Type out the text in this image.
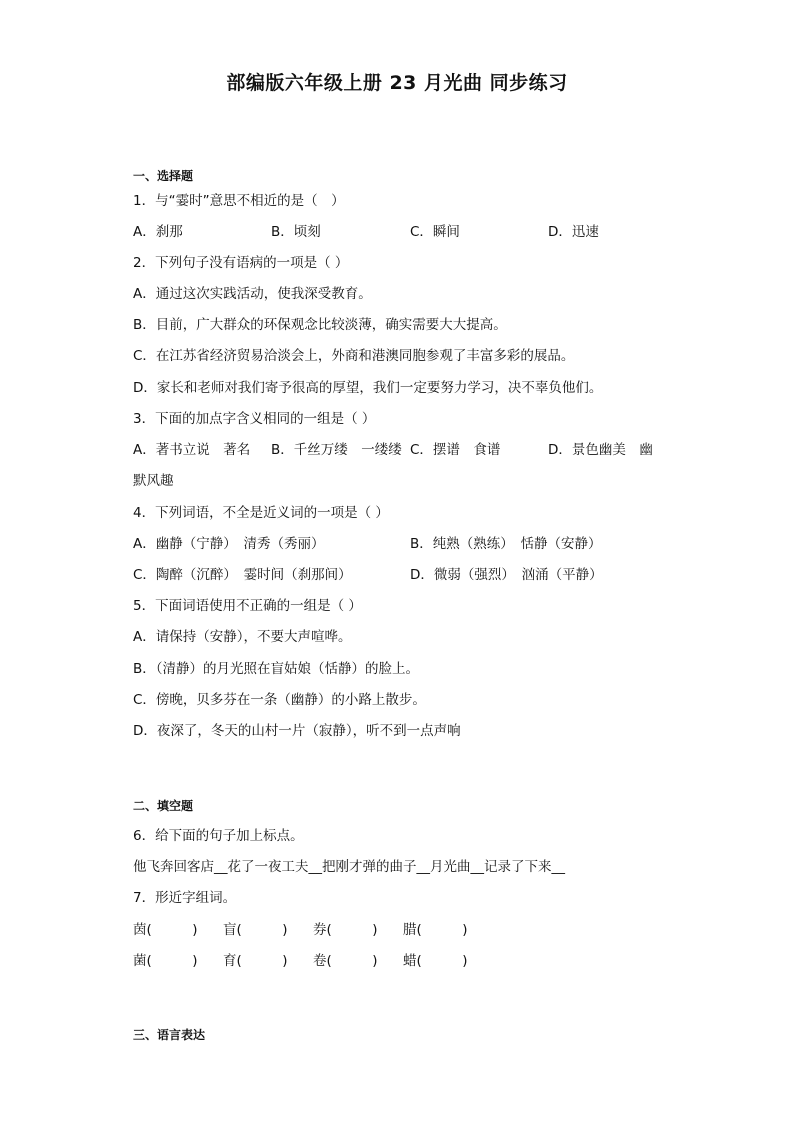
部编版六年级上册 23 月光曲 同步练习
一、选择题
1．与“霎时”意思不相近的是（　）
A．刹那	B．顷刻	C．瞬间	D．迅速
2．下列句子没有语病的一项是（ ）
A．通过这次实践活动，使我深受教育。
B．目前，广大群众的环保观念比较淡薄，确实需要大大提高。
C．在江苏省经济贸易洽淡会上，外商和港澳同胞参观了丰富多彩的展品。
D．家长和老师对我们寄予很高的厚望，我们一定要努力学习，决不辜负他们。
3．下面的加点字含义相同的一组是（ ）
A．著书立说　著名 B．千丝万缕　一缕缕 C．摆谱　食谱	D．景色幽美　幽
默风趣
4．下列词语，不全是近义词的一项是（ ）
A．幽静（宁静）　清秀（秀丽）	B．纯熟（熟练）　恬静（安静）
C．陶醉（沉醉）　霎时间（刹那间）	D．微弱（强烈）　汹涌（平静）
5．下面词语使用不正确的一组是（ ）
A．请保持（安静），不要大声喧哗。
B．（清静）的月光照在盲姑娘（恬静）的脸上。
C．傍晚，贝多芬在一条（幽静）的小路上散步。
D．夜深了，冬天的山村一片（寂静），听不到一点声响
二、填空题
6．给下面的句子加上标点。
他飞奔回客店__花了一夜工夫__把刚才弹的曲子__月光曲__记录了下来__
7．形近字组词。
茵(　　　) 盲(　　　) 券(　　　) 腊(　　　)
菌(　　　) 育(　　　) 卷(　　　) 蜡(　　　)
三、语言表达
